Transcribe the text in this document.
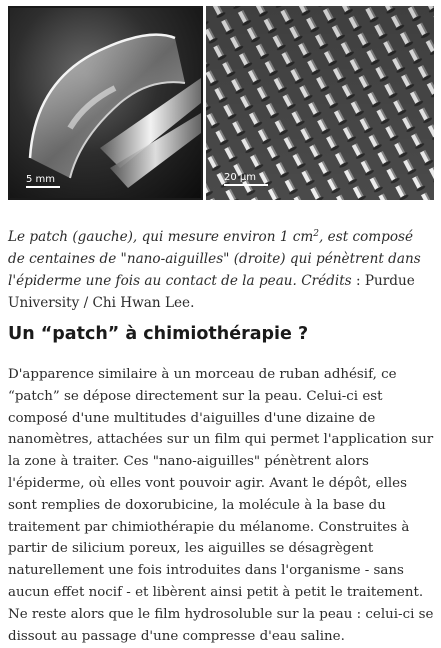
5 mm	20 µm

Le patch (gauche), qui mesure environ 1 $cm^2$, est composé de centaines de "nano-aiguilles" (droite) qui pénètrent dans l'épiderme une fois au contact de la peau. Crédits : Purdue University / Chi Hwan Lee.

Un “patch” à chimiothérapie ?

D'apparence similaire à un morceau de ruban adhésif, ce “patch” se dépose directement sur la peau. Celui-ci est composé d'une multitudes d'aiguilles d'une dizaine de nanomètres, attachées sur un film qui permet l'application sur la zone à traiter. Ces "nano-aiguilles" pénètrent alors l'épiderme, où elles vont pouvoir agir. Avant le dépôt, elles sont remplies de doxorubicine, la molécule à la base du traitement par chimiothérapie du mélanome. Construites à partir de silicium poreux, les aiguilles se désagrègent naturellement une fois introduites dans l'organisme - sans aucun effet nocif - et libèrent ainsi petit à petit le traitement. Ne reste alors que le film hydrosoluble sur la peau : celui-ci se dissout au passage d'une compresse d'eau saline.
